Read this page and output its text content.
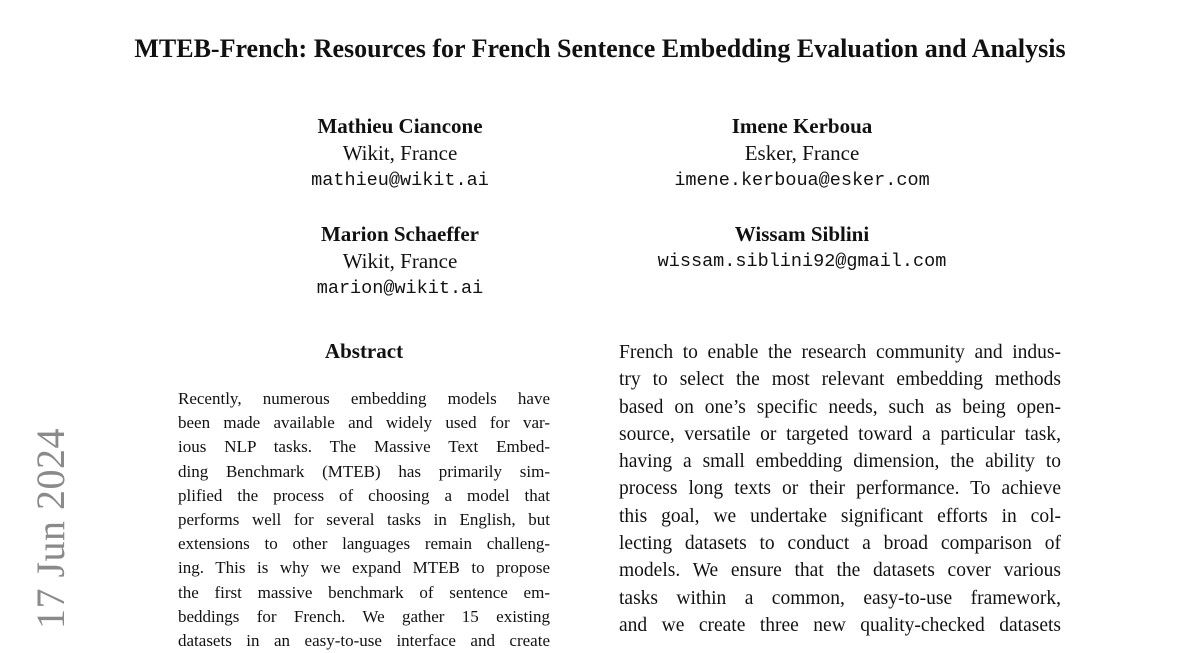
17 Jun 2024
MTEB-French: Resources for French Sentence Embedding Evaluation and Analysis
Mathieu Ciancone
Wikit, France
mathieu@wikit.ai
Imene Kerboua
Esker, France
imene.kerboua@esker.com
Marion Schaeffer
Wikit, France
marion@wikit.ai
Wissam Siblini
wissam.siblini92@gmail.com
Abstract
Recently, numerous embedding models have
been made available and widely used for var-
ious NLP tasks. The Massive Text Embed-
ding Benchmark (MTEB) has primarily sim-
plified the process of choosing a model that
performs well for several tasks in English, but
extensions to other languages remain challeng-
ing. This is why we expand MTEB to propose
the first massive benchmark of sentence em-
beddings for French. We gather 15 existing
datasets in an easy-to-use interface and create
French to enable the research community and indus-
try to select the most relevant embedding methods
based on one’s specific needs, such as being open-
source, versatile or targeted toward a particular task,
having a small embedding dimension, the ability to
process long texts or their performance. To achieve
this goal, we undertake significant efforts in col-
lecting datasets to conduct a broad comparison of
models. We ensure that the datasets cover various
tasks within a common, easy-to-use framework,
and we create three new quality-checked datasets
